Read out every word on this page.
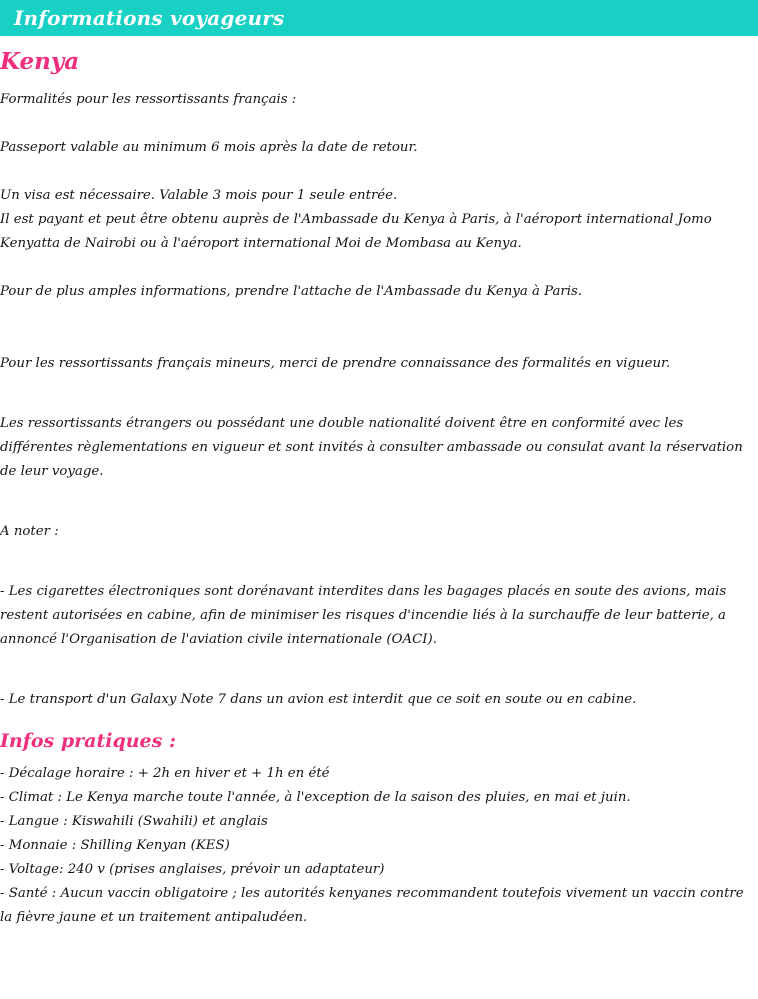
Informations voyageurs
Kenya

Formalités pour les ressortissants français :

Passeport valable au minimum 6 mois après la date de retour.

Un visa est nécessaire. Valable 3 mois pour 1 seule entrée.

Il est payant et peut être obtenu auprès de l'Ambassade du Kenya à Paris, à l'aéroport international Jomo Kenyatta de Nairobi ou à l'aéroport international Moi de Mombasa au Kenya.

Pour de plus amples informations, prendre l'attache de l'Ambassade du Kenya à Paris.

Pour les ressortissants français mineurs, merci de prendre connaissance des formalités en vigueur.

Les ressortissants étrangers ou possédant une double nationalité doivent être en conformité avec les différentes règlementations en vigueur et sont invités à consulter ambassade ou consulat avant la réservation de leur voyage.

A noter :

- Les cigarettes électroniques sont dorénavant interdites dans les bagages placés en soute des avions, mais restent autorisées en cabine, afin de minimiser les risques d'incendie liés à la surchauffe de leur batterie, a annoncé l'Organisation de l'aviation civile internationale (OACI).

- Le transport d'un Galaxy Note 7 dans un avion est interdit que ce soit en soute ou en cabine.

Infos pratiques :
- Décalage horaire : + 2h en hiver et + 1h en été
- Climat : Le Kenya marche toute l'année, à l'exception de la saison des pluies, en mai et juin.
- Langue : Kiswahili (Swahili) et anglais
- Monnaie : Shilling Kenyan (KES)
- Voltage: 240 v (prises anglaises, prévoir un adaptateur)
- Santé : Aucun vaccin obligatoire ; les autorités kenyanes recommandent toutefois vivement un vaccin contre la fièvre jaune et un traitement antipaludéen.
